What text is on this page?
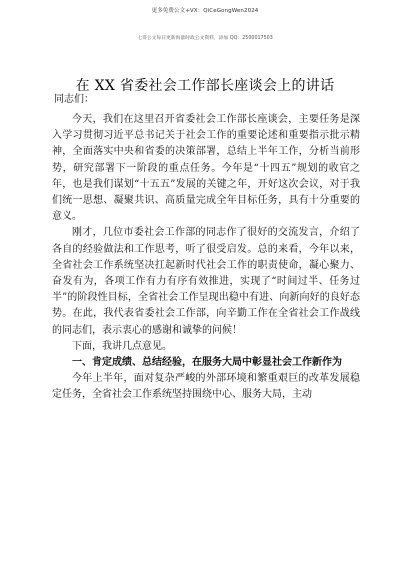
更多免费公文+VX：QiCeGongWen2024
七哥公文每日更新海量时政公文资料，添加 QQ：2500017503
在 XX 省委社会工作部长座谈会上的讲话
同志们：

今天，我们在这里召开省委社会工作部长座谈会，主要任务是深入学习贯彻习近平总书记关于社会工作的重要论述和重要指示批示精神，全面落实中央和省委的决策部署，总结上半年工作，分析当前形势，研究部署下一阶段的重点任务。今年是“十四五”规划的收官之年，也是我们谋划“十五五”发展的关键之年，开好这次会议，对于我们统一思想、凝聚共识、高质量完成全年目标任务，具有十分重要的意义。

刚才，几位市委社会工作部的同志作了很好的交流发言，介绍了各自的经验做法和工作思考，听了很受启发。总的来看，今年以来，全省社会工作系统坚决扛起新时代社会工作的职责使命，凝心聚力、奋发有为，各项工作有力有序有效推进，实现了“时间过半、任务过半”的阶段性目标，全省社会工作呈现出稳中有进、向新向好的良好态势。在此，我代表省委社会工作部，向辛勤工作在全省社会工作战线的同志们，表示衷心的感谢和诚挚的问候！

下面，我讲几点意见。

一、肯定成绩、总结经验，在服务大局中彰显社会工作新作为

今年上半年，面对复杂严峻的外部环境和繁重艰巨的改革发展稳定任务，全省社会工作系统坚持围绕中心、服务大局，主动
